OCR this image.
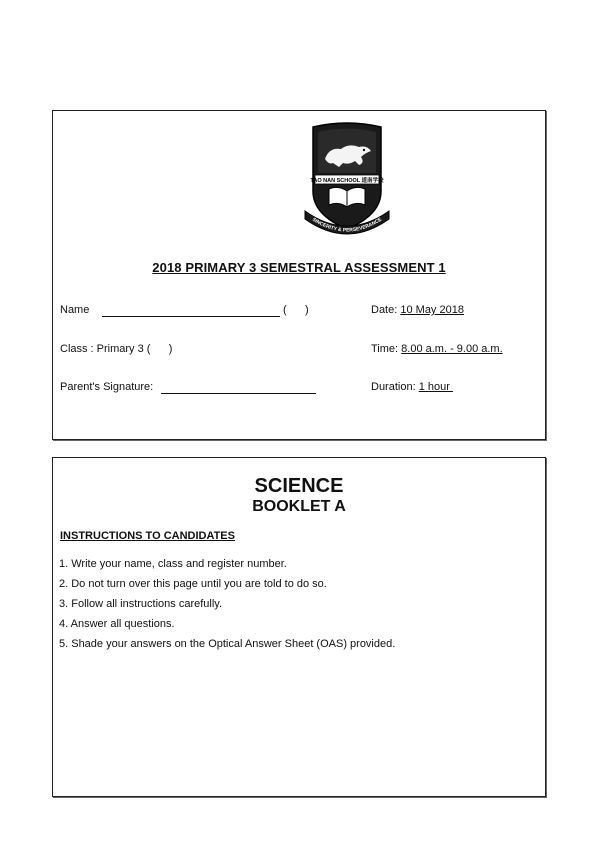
TAO NAN SCHOOL 道南学校
SINCERITY & PERSEVERANCE
2018 PRIMARY 3 SEMESTRAL ASSESSMENT 1
Name	(      )	Date: 10 May 2018
Class : Primary 3 (      )	Time: 8.00 a.m. - 9.00 a.m.
Parent's Signature:	Duration: 1 hour
SCIENCE
BOOKLET A
INSTRUCTIONS TO CANDIDATES
1. Write your name, class and register number.
2. Do not turn over this page until you are told to do so.
3. Follow all instructions carefully.
4. Answer all questions.
5. Shade your answers on the Optical Answer Sheet (OAS) provided.
